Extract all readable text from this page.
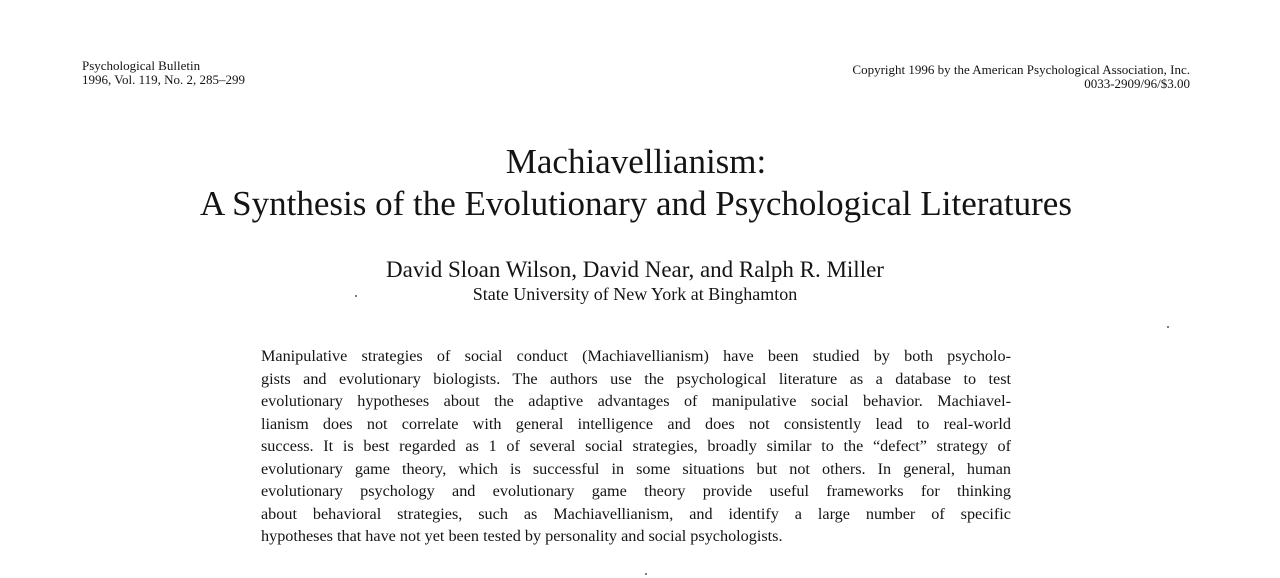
Psychological Bulletin
1996, Vol. 119, No. 2, 285–299
Copyright 1996 by the American Psychological Association, Inc.
0033-2909/96/$3.00
Machiavellianism:
A Synthesis of the Evolutionary and Psychological Literatures
David Sloan Wilson, David Near, and Ralph R. Miller
State University of New York at Binghamton
Manipulative strategies of social conduct (Machiavellianism) have been studied by both psycholo-
gists and evolutionary biologists. The authors use the psychological literature as a database to test
evolutionary hypotheses about the adaptive advantages of manipulative social behavior. Machiavel-
lianism does not correlate with general intelligence and does not consistently lead to real-world
success. It is best regarded as 1 of several social strategies, broadly similar to the “defect” strategy of
evolutionary game theory, which is successful in some situations but not others. In general, human
evolutionary psychology and evolutionary game theory provide useful frameworks for thinking
about behavioral strategies, such as Machiavellianism, and identify a large number of specific
hypotheses that have not yet been tested by personality and social psychologists.
